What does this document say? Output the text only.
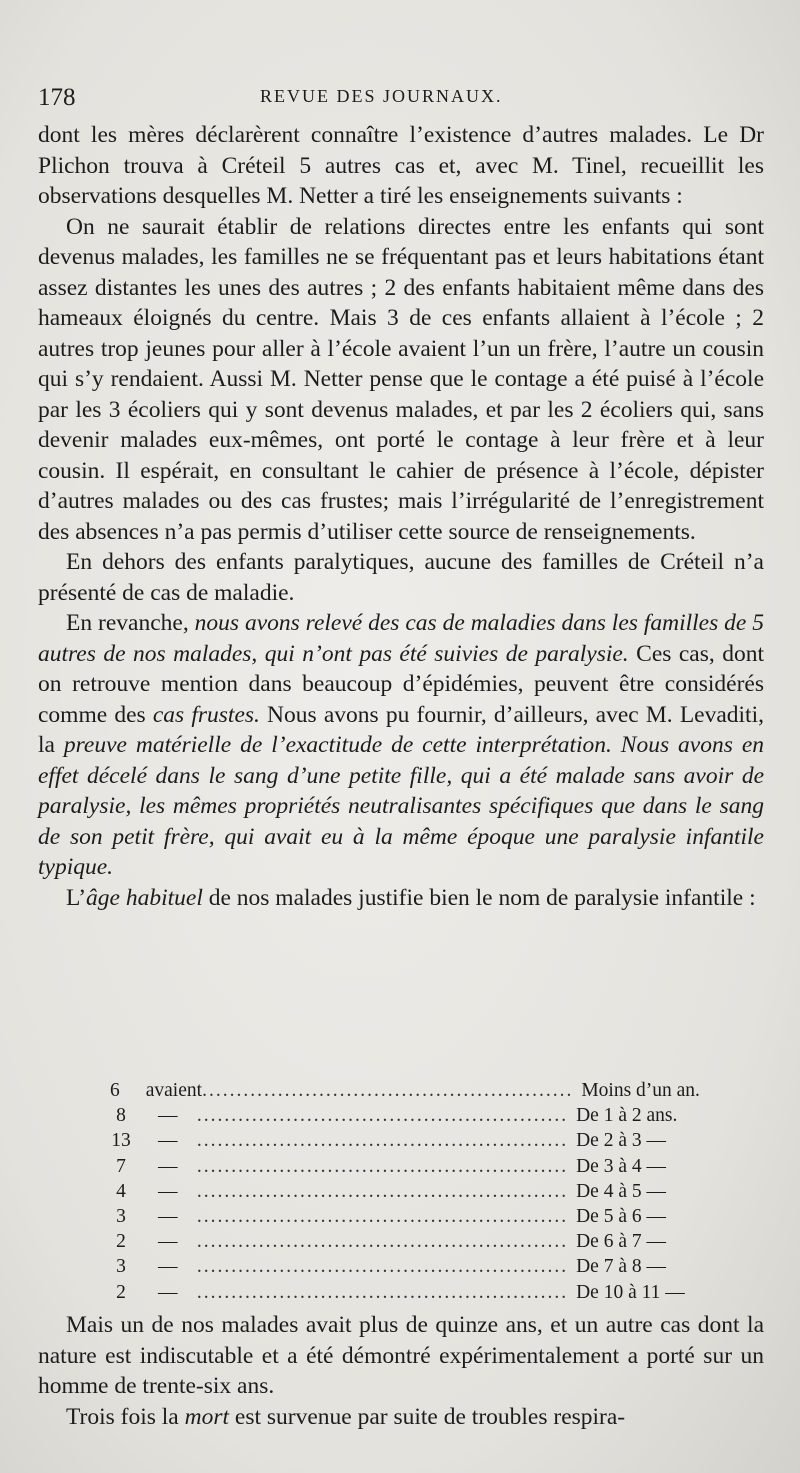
178	REVUE DES JOURNAUX.

dont les mères déclarèrent connaître l’existence d’autres malades. Le Dr Plichon trouva à Créteil 5 autres cas et, avec M. Tinel, recueillit les observations desquelles M. Netter a tiré les enseignements suivants :

On ne saurait établir de relations directes entre les enfants qui sont devenus malades, les familles ne se fréquentant pas et leurs habitations étant assez distantes les unes des autres ; 2 des enfants habitaient même dans des hameaux éloignés du centre. Mais 3 de ces enfants allaient à l’école ; 2 autres trop jeunes pour aller à l’école avaient l’un un frère, l’autre un cousin qui s’y rendaient. Aussi M. Netter pense que le contage a été puisé à l’école par les 3 écoliers qui y sont devenus malades, et par les 2 écoliers qui, sans devenir malades eux-mêmes, ont porté le contage à leur frère et à leur cousin. Il espérait, en consultant le cahier de présence à l’école, dépister d’autres malades ou des cas frustes; mais l’irrégularité de l’enregistrement des absences n’a pas permis d’utiliser cette source de renseignements.

En dehors des enfants paralytiques, aucune des familles de Créteil n’a présenté de cas de maladie.

En revanche, nous avons relevé des cas de maladies dans les familles de 5 autres de nos malades, qui n’ont pas été suivies de paralysie. Ces cas, dont on retrouve mention dans beaucoup d’épidémies, peuvent être considérés comme des cas frustes. Nous avons pu fournir, d’ailleurs, avec M. Levaditi, la preuve matérielle de l’exactitude de cette interprétation. Nous avons en effet décelé dans le sang d’une petite fille, qui a été malade sans avoir de paralysie, les mêmes propriétés neutralisantes spécifiques que dans le sang de son petit frère, qui avait eu à la même époque une paralysie infantile typique.

L’âge habituel de nos malades justifie bien le nom de paralysie infantile :

6	avaient ...................................................... Moins d’un an.
8	— ...................................................... De 1 à 2 ans.
13	— ...................................................... De 2 à 3 —
7	— ...................................................... De 3 à 4 —
4	— ...................................................... De 4 à 5 —
3	— ...................................................... De 5 à 6 —
2	— ...................................................... De 6 à 7 —
3	— ...................................................... De 7 à 8 —
2	— ...................................................... De 10 à 11 —

Mais un de nos malades avait plus de quinze ans, et un autre cas dont la nature est indiscutable et a été démontré expérimentalement a porté sur un homme de trente-six ans.

Trois fois la mort est survenue par suite de troubles respira-
